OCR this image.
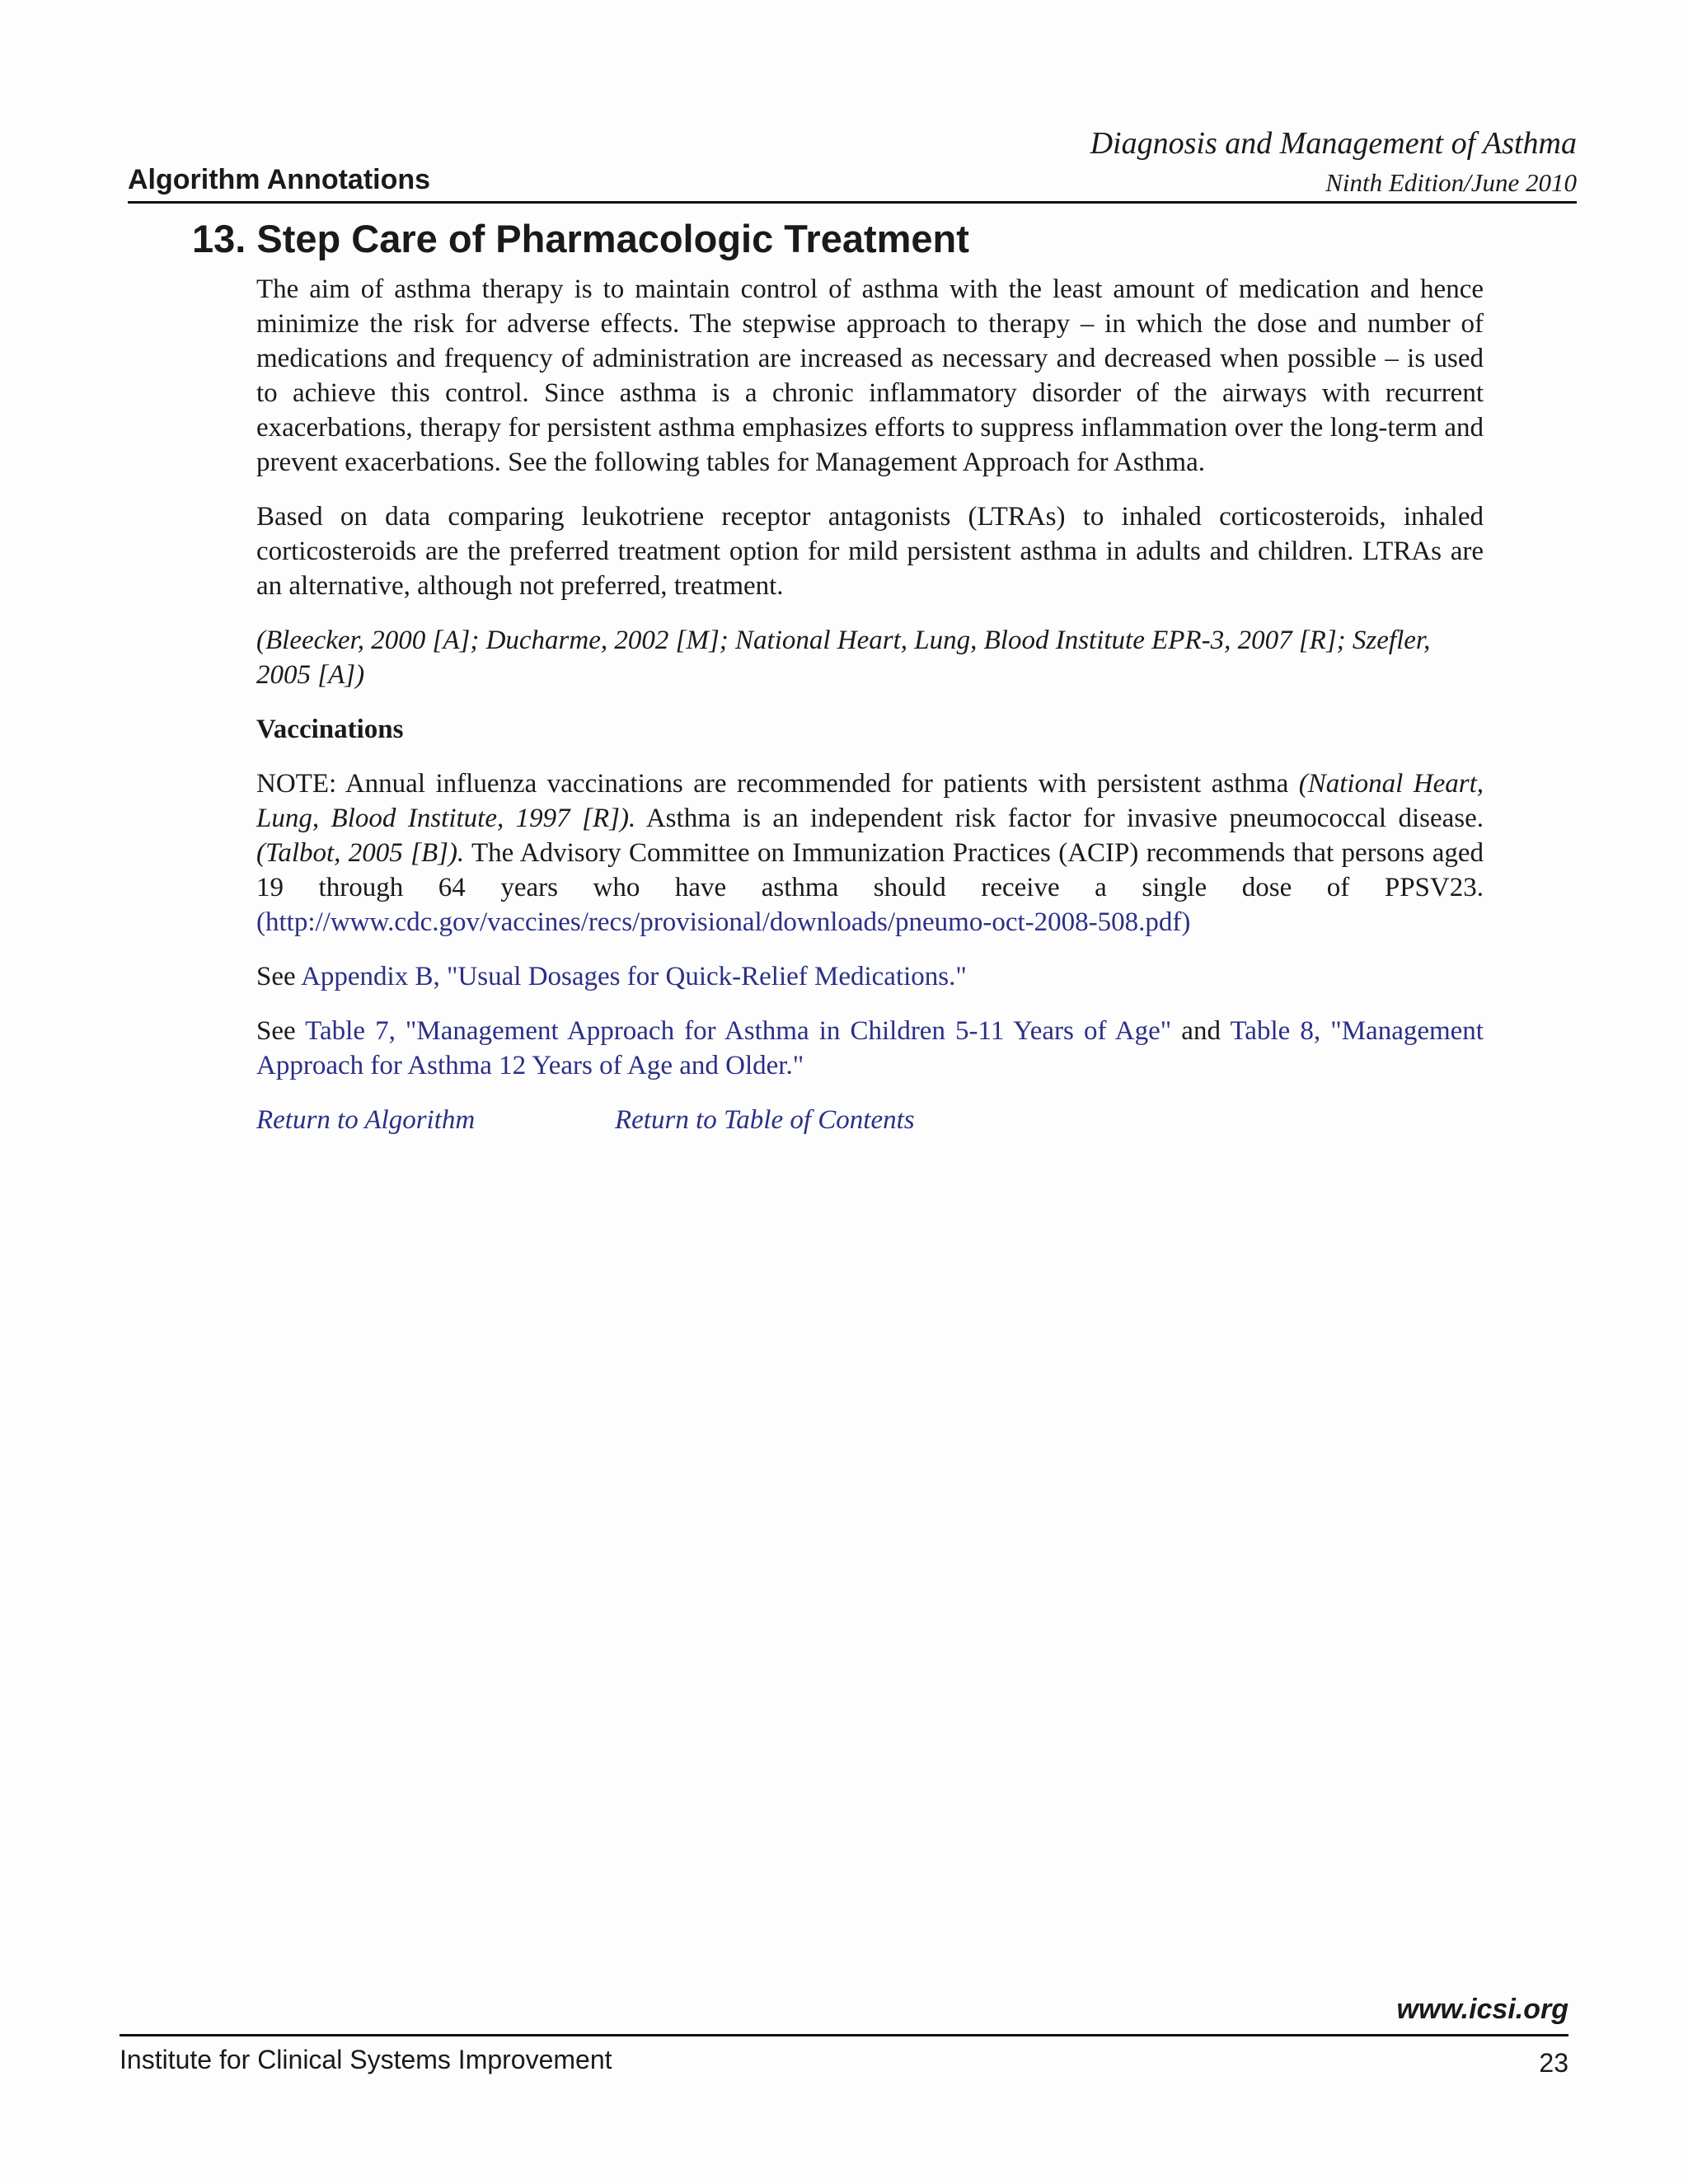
Diagnosis and Management of Asthma
Algorithm Annotations	Ninth Edition/June 2010
13. Step Care of Pharmacologic Treatment

The aim of asthma therapy is to maintain control of asthma with the least amount of medication and hence minimize the risk for adverse effects. The stepwise approach to therapy – in which the dose and number of medications and frequency of administration are increased as necessary and decreased when possible – is used to achieve this control. Since asthma is a chronic inflammatory disorder of the airways with recurrent exacerbations, therapy for persistent asthma emphasizes efforts to suppress inflammation over the long-term and prevent exacerbations. See the following tables for Management Approach for Asthma.

Based on data comparing leukotriene receptor antagonists (LTRAs) to inhaled corticosteroids, inhaled corticosteroids are the preferred treatment option for mild persistent asthma in adults and children. LTRAs are an alternative, although not preferred, treatment.

(Bleecker, 2000 [A]; Ducharme, 2002 [M]; National Heart, Lung, Blood Institute EPR-3, 2007 [R]; Szefler, 2005 [A])

Vaccinations

NOTE: Annual influenza vaccinations are recommended for patients with persistent asthma (National Heart, Lung, Blood Institute, 1997 [R]). Asthma is an independent risk factor for invasive pneumococcal disease. (Talbot, 2005 [B]). The Advisory Committee on Immunization Practices (ACIP) recommends that persons aged 19 through 64 years who have asthma should receive a single dose of PPSV23. (http://www.cdc.gov/vaccines/recs/provisional/downloads/pneumo-oct-2008-508.pdf)

See Appendix B, "Usual Dosages for Quick-Relief Medications."

See Table 7, "Management Approach for Asthma in Children 5-11 Years of Age" and Table 8, "Management Approach for Asthma 12 Years of Age and Older."

Return to Algorithm	Return to Table of Contents
www.icsi.org
Institute for Clinical Systems Improvement	23
